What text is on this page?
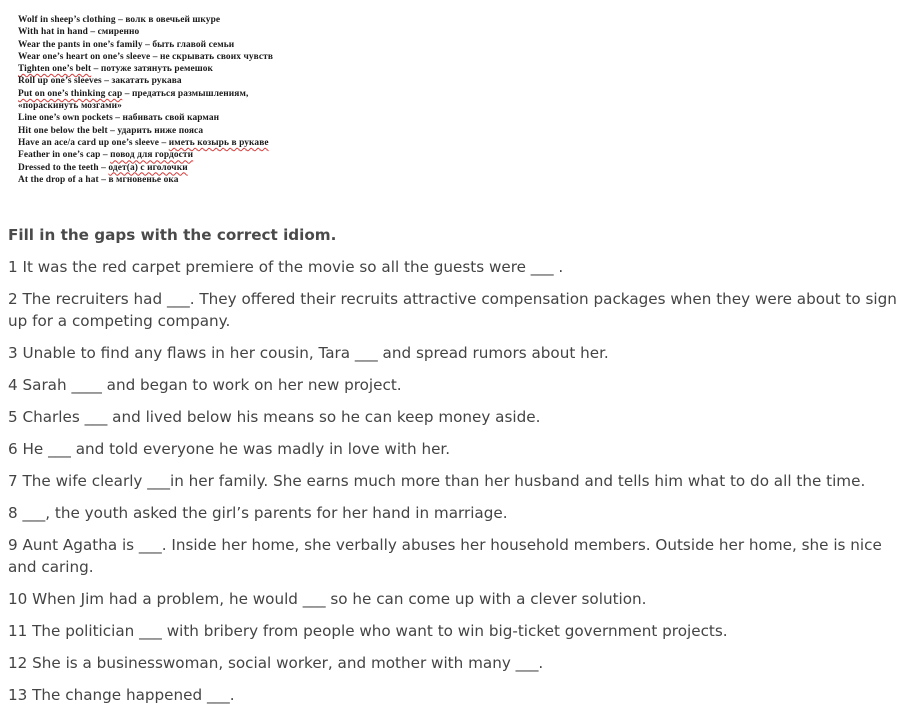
Wolf in sheep’s clothing – волк в овечьей шкуре
With hat in hand – смиренно
Wear the pants in one’s family – быть главой семьи
Wear one’s heart on one’s sleeve – не скрывать своих чувств
Tighten one’s belt – потуже затянуть ремешок
Roll up one’s sleeves – закатать рукава
Put on one’s thinking cap – предаться размышлениям,
«пораскинуть мозгами»
Line one’s own pockets – набивать свой карман
Hit one below the belt – ударить ниже пояса
Have an ace/a card up one’s sleeve – иметь козырь в рукаве
Feather in one’s cap – повод для гордости
Dressed to the teeth – одет(а) с иголочки
At the drop of a hat – в мгновенье ока
Fill in the gaps with the correct idiom.
1 It was the red carpet premiere of the movie so all the guests were ___ .
2 The recruiters had ___. They offered their recruits attractive compensation packages when they were about to sign up for a competing company.
3 Unable to find any flaws in her cousin, Tara ___ and spread rumors about her.
4 Sarah ____ and began to work on her new project.
5 Charles ___ and lived below his means so he can keep money aside.
6 He ___ and told everyone he was madly in love with her.
7 The wife clearly ___in her family. She earns much more than her husband and tells him what to do all the time.
8 ___, the youth asked the girl’s parents for her hand in marriage.
9 Aunt Agatha is ___. Inside her home, she verbally abuses her household members. Outside her home, she is nice and caring.
10 When Jim had a problem, he would ___ so he can come up with a clever solution.
11 The politician ___ with bribery from people who want to win big-ticket government projects.
12 She is a businesswoman, social worker, and mother with many ___.
13 The change happened ___.
